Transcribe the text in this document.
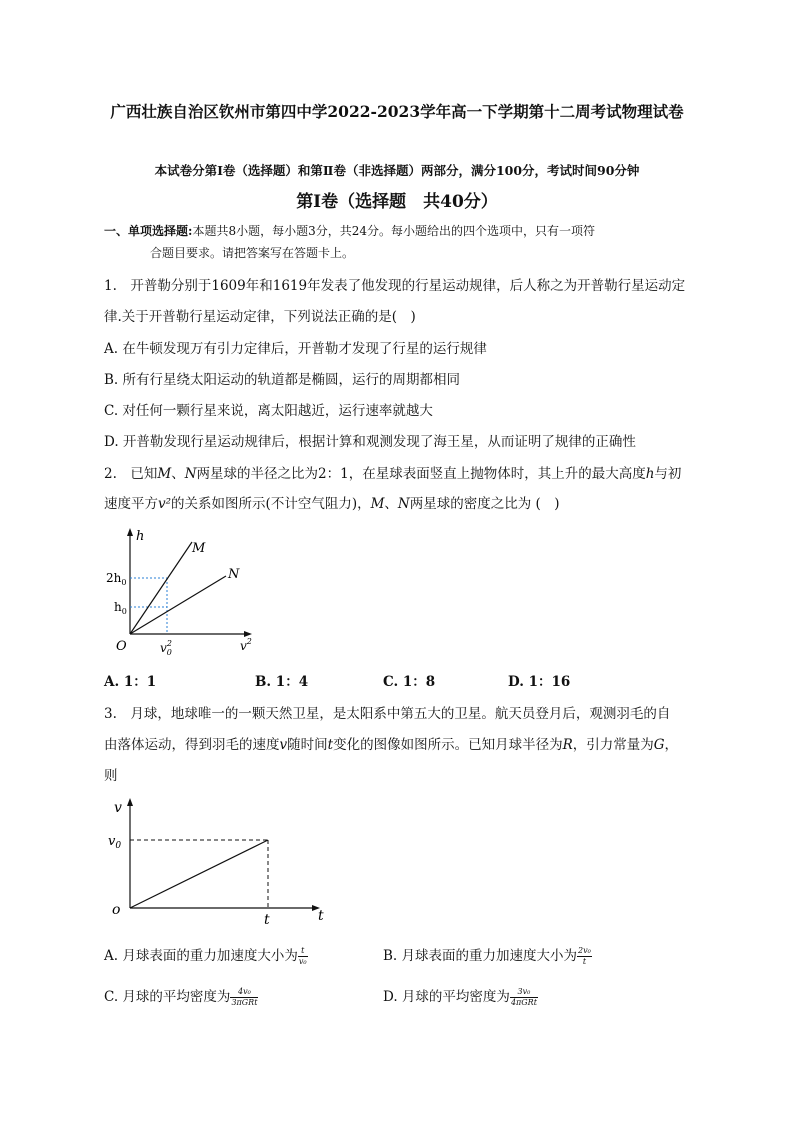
广西壮族自治区钦州市第四中学2022-2023学年高一下学期第十二周考试物理试卷
本试卷分第Ⅰ卷（选择题）和第Ⅱ卷（非选择题）两部分，满分100分，考试时间90分钟
第Ⅰ卷（选择题　共40分）
一、单项选择题:本题共8小题，每小题3分，共24分。每小题给出的四个选项中，只有一项符
合题目要求。请把答案写在答题卡上。
1.　开普勒分别于1609年和1619年发表了他发现的行星运动规律，后人称之为开普勒行星运动定
律.关于开普勒行星运动定律，下列说法正确的是(　)
A. 在牛顿发现万有引力定律后，开普勒才发现了行星的运行规律
B. 所有行星绕太阳运动的轨道都是椭圆，运行的周期都相同
C. 对任何一颗行星来说，离太阳越近，运行速率就越大
D. 开普勒发现行星运动规律后，根据计算和观测发现了海王星，从而证明了规律的正确性
2.　已知M、N两星球的半径之比为2：1，在星球表面竖直上抛物体时，其上升的最大高度h与初
速度平方v²的关系如图所示(不计空气阻力)，M、N两星球的密度之比为 (　)
h
M
N
O
$2h_0$
$h_0$
$v_02$	$v^2$
A. 1：1	B. 1：4	C. 1：8	D. 1：16
3.　月球，地球唯一的一颗天然卫星，是太阳系中第五大的卫星。航天员登月后，观测羽毛的自
由落体运动，得到羽毛的速度v随时间t变化的图像如图所示。已知月球半径为R，引力常量为G，
则
v
o
$v_0$
t	t
A. 月球表面的重力加速度大小为 $\frac{t}{\text{v₀}}$	B. 月球表面的重力加速度大小为 $\frac{\text{2v₀}}{t}$
C. 月球的平均密度为 $\frac{\text{4v₀}}{\text{3πGRt}}$	D. 月球的平均密度为 $\frac{\text{3v₀}}{\text{4πGRt}}$
